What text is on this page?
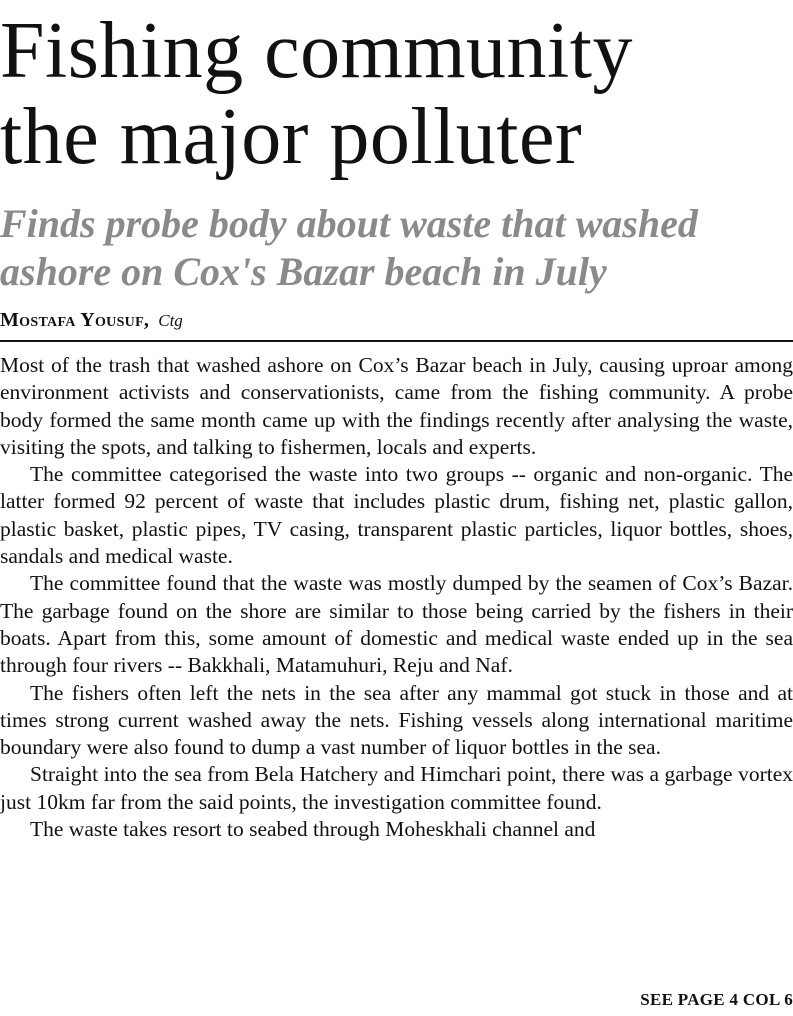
Fishing community
the major polluter
Finds probe body about waste that washed
ashore on Cox's Bazar beach in July
Mostafa Yousuf, Ctg

Most of the trash that washed ashore on Cox’s Bazar beach in July, causing uproar among environment activists and conservationists, came from the fishing community. A probe body formed the same month came up with the findings recently after analysing the waste, visiting the spots, and talking to fishermen, locals and experts.

The committee categorised the waste into two groups -- organic and non-organic. The latter formed 92 percent of waste that includes plastic drum, fishing net, plastic gallon, plastic basket, plastic pipes, TV casing, transparent plastic particles, liquor bottles, shoes, sandals and medical waste.

The committee found that the waste was mostly dumped by the seamen of Cox’s Bazar. The garbage found on the shore are similar to those being carried by the fishers in their boats. Apart from this, some amount of domestic and medical waste ended up in the sea through four rivers -- Bakkhali, Matamuhuri, Reju and Naf.

The fishers often left the nets in the sea after any mammal got stuck in those and at times strong current washed away the nets. Fishing vessels along international maritime boundary were also found to dump a vast number of liquor bottles in the sea.

Straight into the sea from Bela Hatchery and Himchari point, there was a garbage vortex just 10km far from the said points, the investigation committee found.

The waste takes resort to seabed through Moheskhali channel and

SEE PAGE 4 COL 6
